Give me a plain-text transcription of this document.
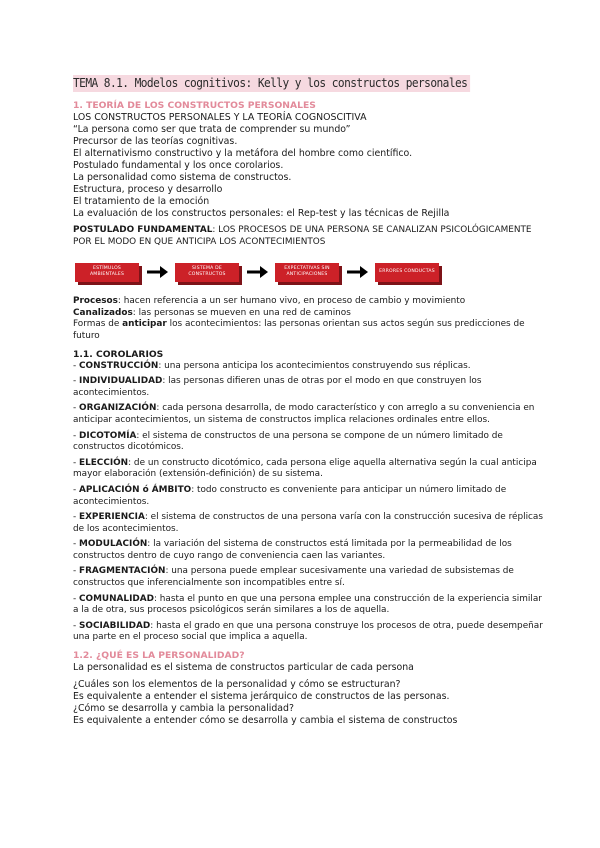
TEMA 8.1. Modelos cognitivos: Kelly y los constructos personales
1. TEORÍA DE LOS CONSTRUCTOS PERSONALES
LOS CONSTRUCTOS PERSONALES Y LA TEORÍA COGNOSCITIVA
“La persona como ser que trata de comprender su mundo”
Precursor de las teorías cognitivas.
El alternativismo constructivo y la metáfora del hombre como científico.
Postulado fundamental y los once corolarios.
La personalidad como sistema de constructos.
Estructura, proceso y desarrollo
El tratamiento de la emoción
La evaluación de los constructos personales: el Rep-test y las técnicas de Rejilla
POSTULADO FUNDAMENTAL: LOS PROCESOS DE UNA PERSONA SE CANALIZAN PSICOLÓGICAMENTE POR EL MODO EN QUE ANTICIPA LOS ACONTECIMIENTOS
ESTÍMULOS AMBIENTALES
SISTEMA DE CONSTRUCTOS
EXPECTATIVAS SIN ANTICIPACIONES
ERRORES CONDUCTAS
Procesos: hacen referencia a un ser humano vivo, en proceso de cambio y movimiento
Canalizados: las personas se mueven en una red de caminos
Formas de anticipar los acontecimientos: las personas orientan sus actos según sus predicciones de futuro
1.1. COROLARIOS
- CONSTRUCCIÓN: una persona anticipa los acontecimientos construyendo sus réplicas.
- INDIVIDUALIDAD: las personas difieren unas de otras por el modo en que construyen los acontecimientos.
- ORGANIZACIÓN: cada persona desarrolla, de modo característico y con arreglo a su conveniencia en anticipar acontecimientos, un sistema de constructos implica relaciones ordinales entre ellos.
- DICOTOMÍA: el sistema de constructos de una persona se compone de un número limitado de constructos dicotómicos.
- ELECCIÓN: de un constructo dicotómico, cada persona elige aquella alternativa según la cual anticipa mayor elaboración (extensión-definición) de su sistema.
- APLICACIÓN ó ÁMBITO: todo constructo es conveniente para anticipar un número limitado de acontecimientos.
- EXPERIENCIA: el sistema de constructos de una persona varía con la construcción sucesiva de réplicas de los acontecimientos.
- MODULACIÓN: la variación del sistema de constructos está limitada por la permeabilidad de los constructos dentro de cuyo rango de conveniencia caen las variantes.
- FRAGMENTACIÓN: una persona puede emplear sucesivamente una variedad de subsistemas de constructos que inferencialmente son incompatibles entre sí.
- COMUNALIDAD: hasta el punto en que una persona emplee una construcción de la experiencia similar a la de otra, sus procesos psicológicos serán similares a los de aquella.
- SOCIABILIDAD: hasta el grado en que una persona construye los procesos de otra, puede desempeñar una parte en el proceso social que implica a aquella.
1.2. ¿QUÉ ES LA PERSONALIDAD?
La personalidad es el sistema de constructos particular de cada persona
¿Cuáles son los elementos de la personalidad y cómo se estructuran?
Es equivalente a entender el sistema jerárquico de constructos de las personas.
¿Cómo se desarrolla y cambia la personalidad?
Es equivalente a entender cómo se desarrolla y cambia el sistema de constructos
